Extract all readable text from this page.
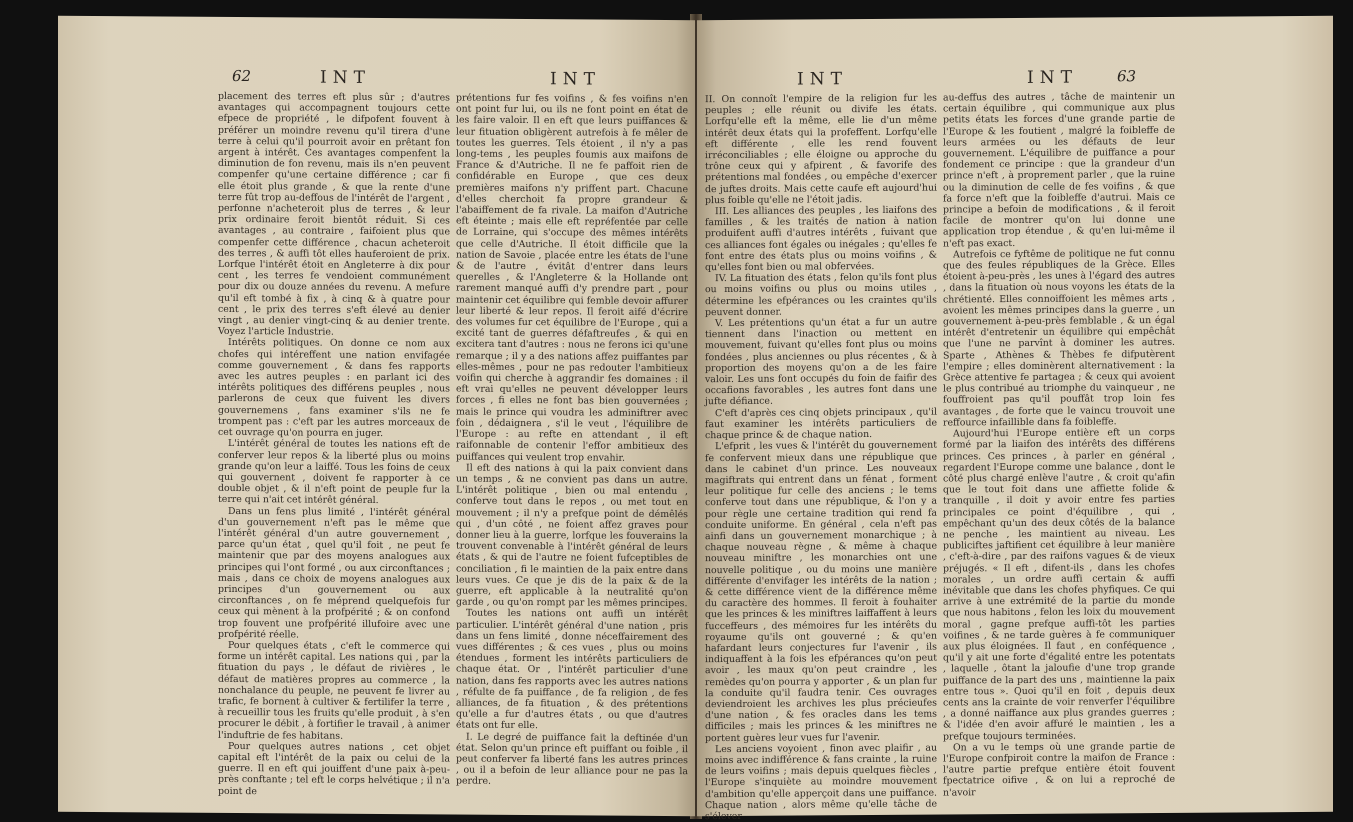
62	INT	INT

placement des terres eft plus sûr ; d'autres avantages qui accompagnent toujours cette efpece de propriété , le difpofent fouvent à préférer un moindre revenu qu'il tirera d'une terre à celui qu'il pourroit avoir en prêtant fon argent à intérêt. Ces avantages compenfent la diminution de fon revenu, mais ils n'en peuvent compenfer qu'une certaine différence ; car fi elle étoit plus grande , & que la rente d'une terre fût trop au-deffous de l'intérêt de l'argent , perfonne n'acheteroit plus de terres , & leur prix ordinaire feroit bientôt réduit. Si ces avantages , au contraire , faifoient plus que compenfer cette différence , chacun acheteroit des terres , & auffi tôt elles hauferoient de prix. Lorfque l'intérêt étoit en Angleterre à dix pour cent , les terres fe vendoient communément pour dix ou douze années du revenu. A mefure qu'il eft tombé à fix , à cinq & à quatre pour cent , le prix des terres s'eft élevé au denier vingt , au denier vingt-cinq & au denier trente. Voyez l'article Industrie.

Intérêts politiques. On donne ce nom aux chofes qui intéreffent une nation envifagée comme gouvernement , & dans fes rapports avec les autres peuples : en parlant ici des intérêts politiques des différens peuples , nous parlerons de ceux que fuivent les divers gouvernemens , fans examiner s'ils ne fe trompent pas : c'eft par les autres morceaux de cet ouvrage qu'on pourra en juger.

L'intérêt général de toutes les nations eft de conferver leur repos & la liberté plus ou moins grande qu'on leur a laiffé. Tous les foins de ceux qui gouvernent , doivent fe rapporter à ce double objet , & il n'eft point de peuple fur la terre qui n'ait cet intérêt général.

Dans un fens plus limité , l'intérêt général d'un gouvernement n'eft pas le même que l'intérêt général d'un autre gouvernement , parce qu'un état , quel qu'il foit , ne peut fe maintenir que par des moyens analogues aux principes qui l'ont formé , ou aux circonftances ; mais , dans ce choix de moyens analogues aux principes d'un gouvernement ou aux circonftances , on fe méprend quelquefois fur ceux qui mènent à la profpérité ; & on confond trop fouvent une profpérité illufoire avec une profpérité réelle.

Pour quelques états , c'eft le commerce qui forme un intérêt capital. Les nations qui , par la fituation du pays , le défaut de rivières , le défaut de matières propres au commerce , la nonchalance du peuple, ne peuvent fe livrer au trafic, fe bornent à cultiver & fertilifer la terre , à recueillir tous les fruits qu'elle produit , à s'en procurer le débit , à fortifier le travail , à animer l'induftrie de fes habitans.

Pour quelques autres nations , cet objet capital eft l'intérêt de la paix ou celui de la guerre. Il en eft qui jouiffent d'une paix à-peu-près conftante ; tel eft le corps helvétique ; il n'a point de

prétentions fur fes voifins , & fes voifins n'en ont point fur lui, ou ils ne font point en état de les faire valoir. Il en eft que leurs puiffances & leur fituation obligèrent autrefois à fe mêler de toutes les guerres. Tels étoient , il n'y a pas long-tems , les peuples foumis aux maifons de France & d'Autriche. Il ne fe paffoit rien de confidérable en Europe , que ces deux premières maifons n'y priffent part. Chacune d'elles cherchoit fa propre grandeur & l'abaiffement de fa rivale. La maifon d'Autriche eft éteinte ; mais elle eft repréfentée par celle de Lorraine, qui s'occupe des mêmes intérêts que celle d'Autriche. Il étoit difficile que la nation de Savoie , placée entre les états de l'une & de l'autre , évitât d'entrer dans leurs querelles , & l'Angleterre & la Hollande ont rarement manqué auffi d'y prendre part , pour maintenir cet équilibre qui femble devoir affurer leur liberté & leur repos. Il feroit aifé d'écrire des volumes fur cet équilibre de l'Europe , qui a excité tant de guerres défaftreufes , & qui en excitera tant d'autres : nous ne ferons ici qu'une remarque ; il y a des nations affez puiffantes par elles-mêmes , pour ne pas redouter l'ambitieux voifin qui cherche à aggrandir fes domaines : il eft vrai qu'elles ne peuvent développer leurs forces , fi elles ne font bas bien gouvernées ; mais le prince qui voudra les adminiftrer avec foin , dédaignera , s'il le veut , l'équilibre de l'Europe : au refte en attendant , il eft raifonnable de contenir l'effor ambitieux des puiffances qui veulent trop envahir.

Il eft des nations à qui la paix convient dans un temps , & ne convient pas dans un autre. L'intérêt politique , bien ou mal entendu , conferve tout dans le repos , ou met tout en mouvement ; il n'y a prefque point de démêlés qui , d'un côté , ne foient affez graves pour donner lieu à la guerre, lorfque les fouverains la trouvent convenable à l'intérêt général de leurs états , & qui de l'autre ne foient fufceptibles de conciliation , fi le maintien de la paix entre dans leurs vues. Ce que je dis de la paix & de la guerre, eft applicable à la neutralité qu'on garde , ou qu'on rompt par les mêmes principes.

Toutes les nations ont auffi un intérêt particulier. L'intérêt général d'une nation , pris dans un fens limité , donne néceffairement des vues différentes ; & ces vues , plus ou moins étendues , forment les intérêts particuliers de chaque état. Or , l'intérêt particulier d'une nation, dans fes rapports avec les autres nations , réfulte de fa puiffance , de fa religion , de fes alliances, de fa fituation , & des prétentions qu'elle a fur d'autres états , ou que d'autres états ont fur elle.

I. Le degré de puiffance fait la deftinée d'un état. Selon qu'un prince eft puiffant ou foible , il peut conferver fa liberté fans les autres princes , ou il a befoin de leur alliance pour ne pas la perdre.

INT	INT	63

II. On connoît l'empire de la religion fur les peuples ; elle réunit ou divife les états. Lorfqu'elle eft la même, elle lie d'un même intérêt deux états qui la profeffent. Lorfqu'elle eft différente , elle les rend fouvent irréconciliables ; elle éloigne ou approche du trône ceux qui y afpirent , & favorife des prétentions mal fondées , ou empêche d'exercer de juftes droits. Mais cette caufe eft aujourd'hui plus foible qu'elle ne l'étoit jadis.

III. Les alliances des peuples , les liaifons des familles , & les traités de nation à nation produifent auffi d'autres intérêts , fuivant que ces alliances font égales ou inégales ; qu'elles fe font entre des états plus ou moins voifins , & qu'elles font bien ou mal obfervées.

IV. La fituation des états , felon qu'ils font plus ou moins voifins ou plus ou moins utiles , détermine les efpérances ou les craintes qu'ils peuvent donner.

V. Les prétentions qu'un état a fur un autre tiennent dans l'inaction ou mettent en mouvement, fuivant qu'elles font plus ou moins fondées , plus anciennes ou plus récentes , & à proportion des moyens qu'on a de les faire valoir. Les uns font occupés du foin de faifir des occafions favorables , les autres font dans une jufte défiance.

C'eft d'après ces cinq objets principaux , qu'il faut examiner les intérêts particuliers de chaque prince & de chaque nation.

L'efprit , les vues & l'intérêt du gouvernement fe confervent mieux dans une république que dans le cabinet d'un prince. Les nouveaux magiftrats qui entrent dans un fénat , forment leur politique fur celle des anciens ; le tems conferve tout dans une république, & l'on y a pour règle une certaine tradition qui rend fa conduite uniforme. En général , cela n'eft pas ainfi dans un gouvernement monarchique ; à chaque nouveau règne , & même à chaque nouveau miniftre , les monarchies ont une nouvelle politique , ou du moins une manière différente d'envifager les intérêts de la nation ; & cette différence vient de la différence même du caractère des hommes. Il feroit à fouhaiter que les princes & les miniftres laiffaffent à leurs fucceffeurs , des mémoires fur les intérêts du royaume qu'ils ont gouverné ; & qu'en hafardant leurs conjectures fur l'avenir , ils indiquaffent à la fois les efpérances qu'on peut avoir , les maux qu'on peut craindre , les remèdes qu'on pourra y apporter , & un plan fur la conduite qu'il faudra tenir. Ces ouvrages deviendroient les archives les plus précieufes d'une nation , & fes oracles dans les tems difficiles ; mais les princes & les miniftres ne portent guères leur vues fur l'avenir.

Les anciens voyoient , finon avec plaifir , au moins avec indifférence & fans crainte , la ruine de leurs voifins ; mais depuis quelques fiècles , l'Europe s'inquiète au moindre mouvement d'ambition qu'elle apperçoit dans une puiffance. Chaque nation , alors même qu'elle tâche de s'élever

au-deffus des autres , tâche de maintenir un certain équilibre , qui communique aux plus petits états les forces d'une grande partie de l'Europe & les foutient , malgré la foibleffe de leurs armées ou les défauts de leur gouvernement. L'équilibre de puiffance a pour fondement ce principe : que la grandeur d'un prince n'eft , à proprement parler , que la ruine ou la diminution de celle de fes voifins , & que fa force n'eft que la foibleffe d'autrui. Mais ce principe a befoin de modifications , & il feroit facile de montrer qu'on lui donne une application trop étendue , & qu'en lui-même il n'eft pas exact.

Autrefois ce fyftême de politique ne fut connu que des feules républiques de la Grèce. Elles étoient à-peu-près , les unes à l'égard des autres , dans la fituation où nous voyons les états de la chrétienté. Elles connoiffoient les mêmes arts , avoient les mêmes principes dans la guerre , un gouvernement à-peu-près femblable , & un égal intérêt d'entretenir un équilibre qui empêchât que l'une ne parvînt à dominer les autres. Sparte , Athènes & Thèbes fe difputèrent l'empire ; elles dominèrent alternativement : la Grèce attentive fe partagea ; & ceux qui avoient le plus contribué au triomphe du vainqueur , ne fouffroient pas qu'il pouffât trop loin fes avantages , de forte que le vaincu trouvoit une reffource infaillible dans fa foibleffe.

Aujourd'hui l'Europe entière eft un corps formé par la liaifon des intérêts des différens princes. Ces princes , à parler en général , regardent l'Europe comme une balance , dont le côté plus chargé enlève l'autre , & croit qu'afin que le tout foit dans une affiette folide & tranquille , il doit y avoir entre fes parties principales ce point d'équilibre , qui , empêchant qu'un des deux côtés de la balance ne penche , les maintient au niveau. Les publiciftes jaftifient cet équilibre à leur manière , c'eft-à-dire , par des raifons vagues & de vieux préjugés. « Il eft , difent-ils , dans les chofes morales , un ordre auffi certain & auffi inévitable que dans les chofes phyfiques. Ce qui arrive à une extrémité de la partie du monde que nous habitons , felon les loix du mouvement moral , gagne prefque auffi-tôt les parties voifines , & ne tarde guères à fe communiquer aux plus éloignées. Il faut , en conféquence , qu'il y ait une forte d'égalité entre les potentats , laquelle , ôtant la jaloufie d'une trop grande puiffance de la part des uns , maintienne la paix entre tous ». Quoi qu'il en foit , depuis deux cents ans la crainte de voir renverfer l'équilibre , a donné naiffance aux plus grandes guerres ; & l'idée d'en avoir affuré le maintien , les a prefque toujours terminées.

On a vu le temps où une grande partie de l'Europe confpiroit contre la maifon de France : l'autre partie prefque entière étoit fouvent fpectatrice oifive , & on lui a reproché de n'avoir
